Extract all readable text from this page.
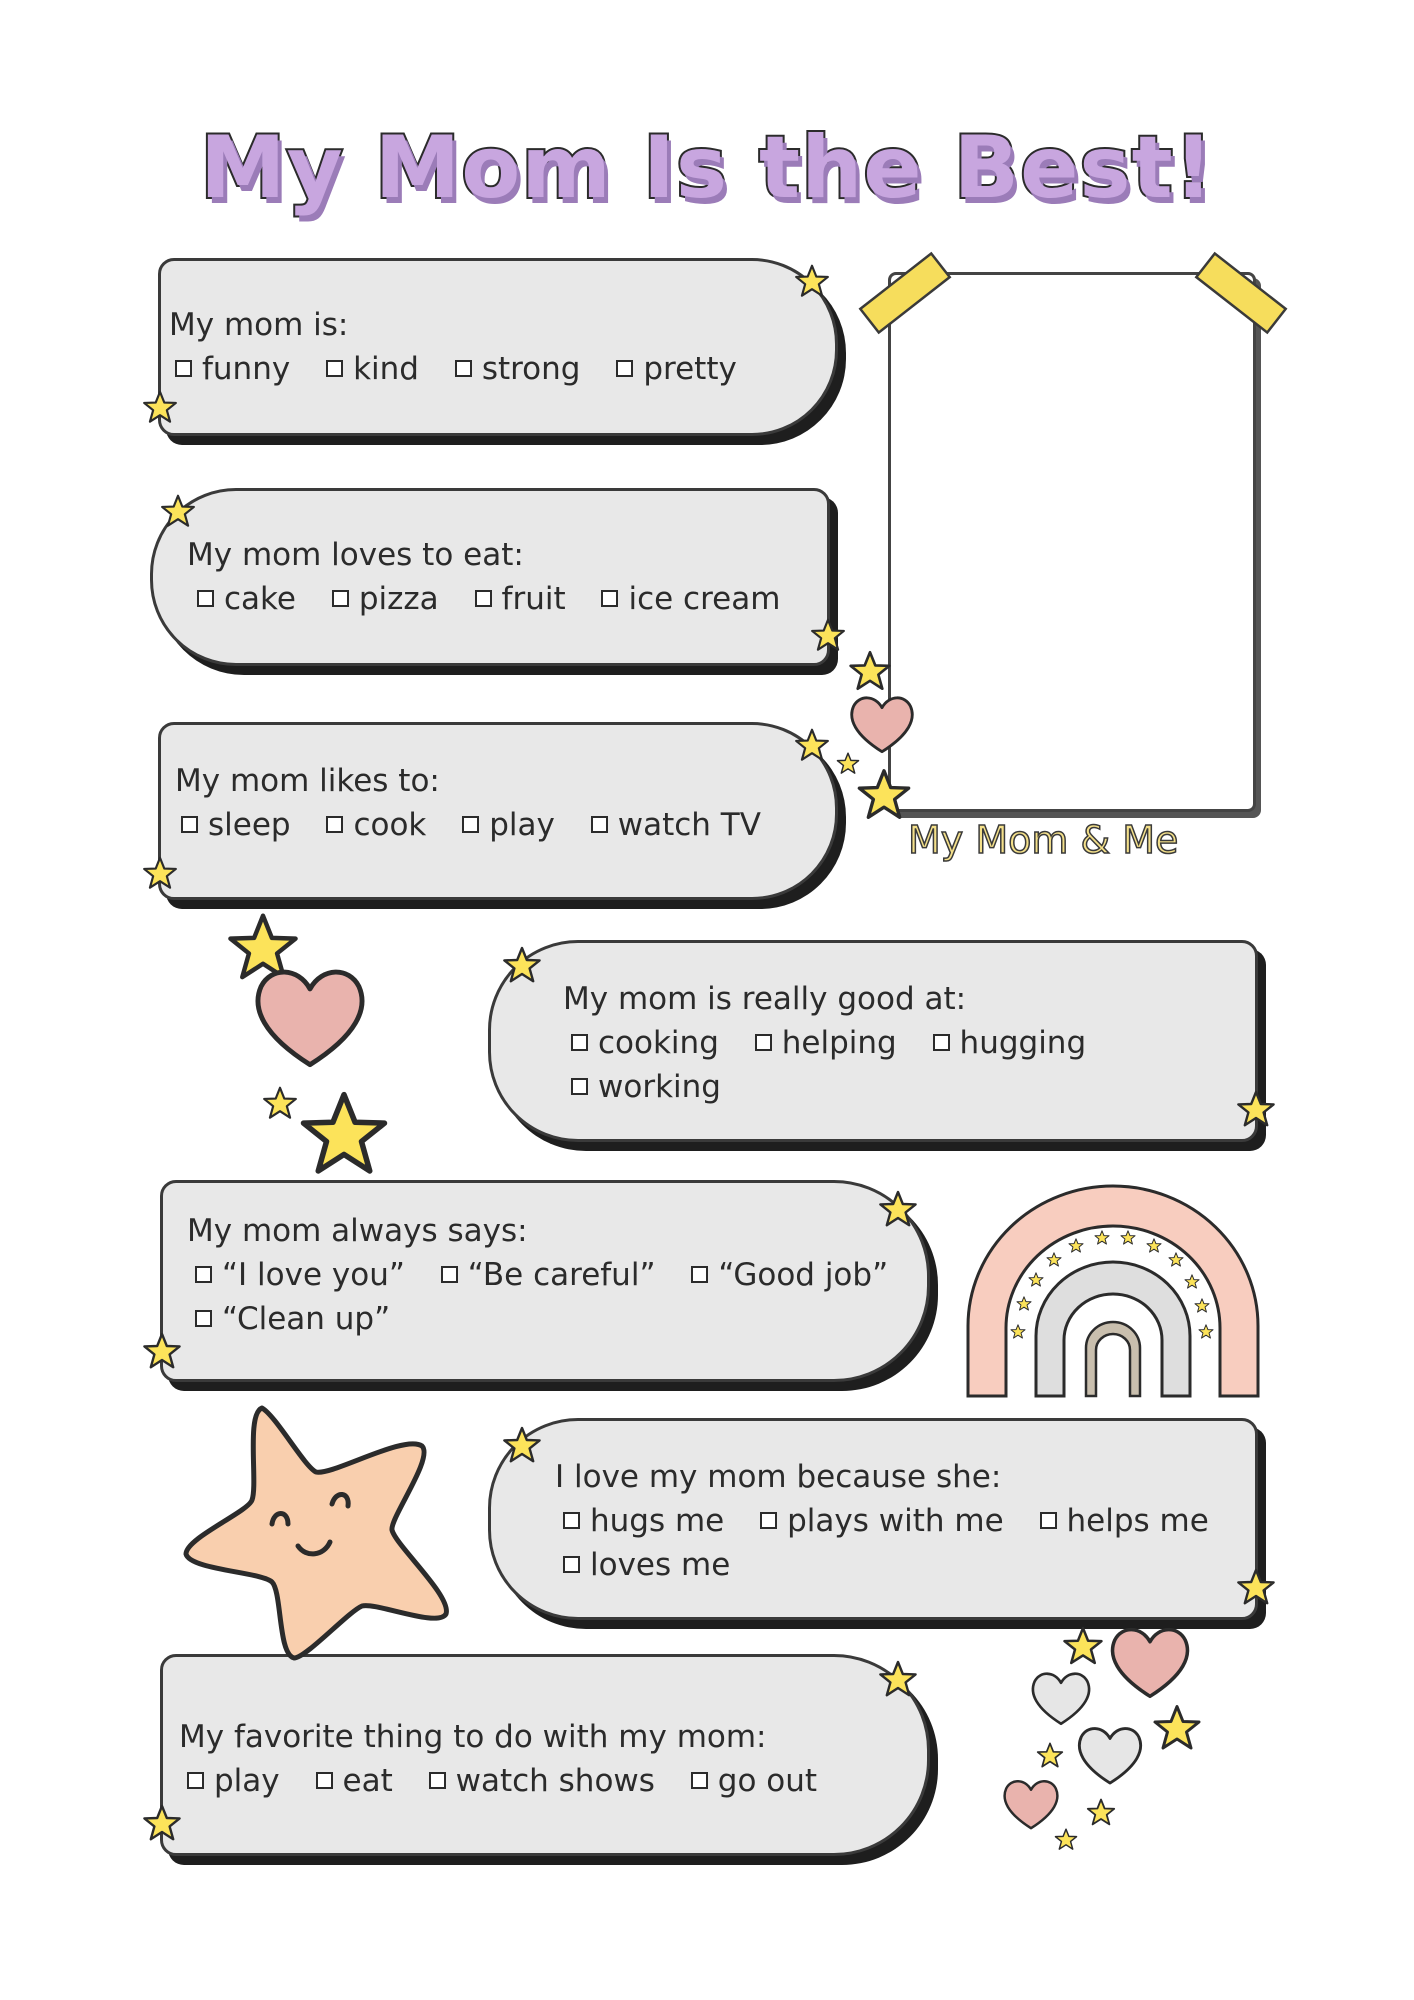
My Mom Is the Best!
My mom is:
funny kind strong pretty
My mom loves to eat:
cake pizza fruit ice cream
My mom likes to:
sleep cook play watch TV
My mom is really good at:
cooking helping hugging
working
My mom always says:
“I love you” “Be careful” “Good job”
“Clean up”
I love my mom because she:
hugs me plays with me helps me
loves me
My favorite thing to do with my mom:
play eat watch shows go out
My Mom & Me
